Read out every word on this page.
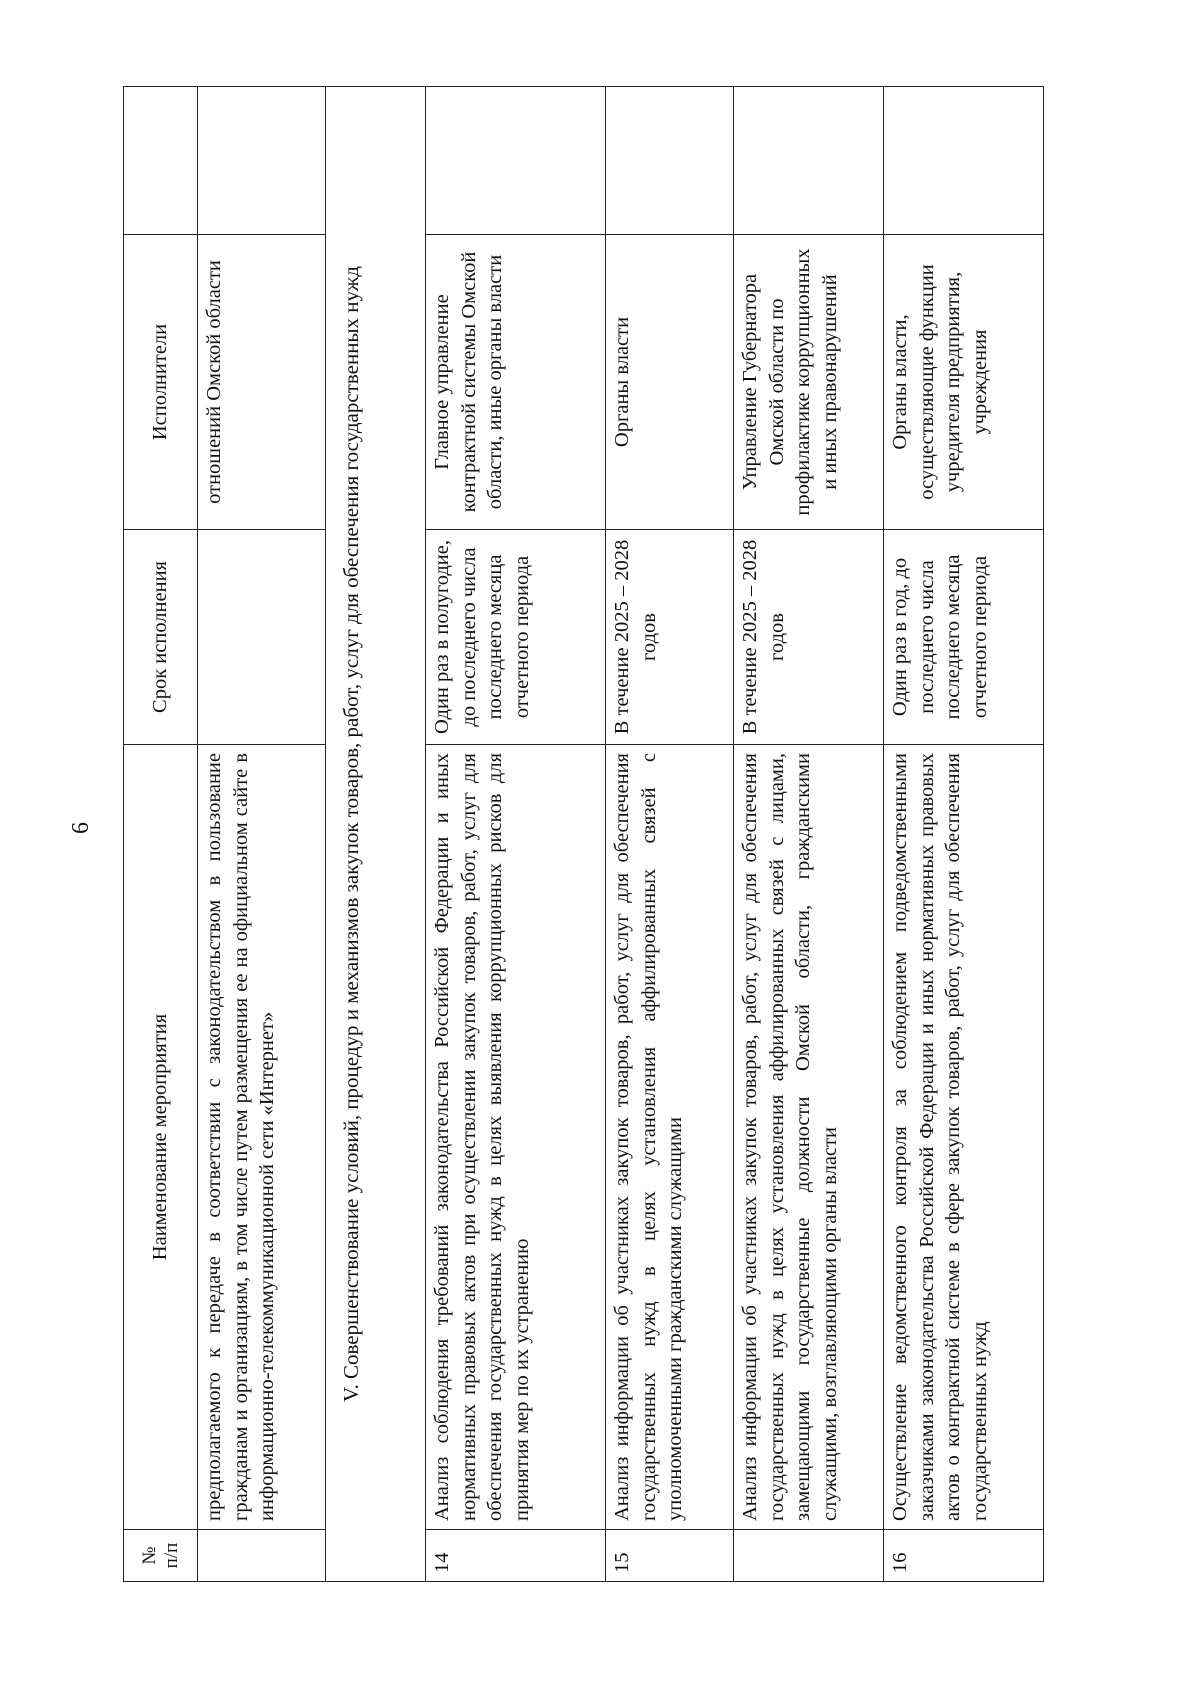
6
№ п/п	Наименование мероприятия	Срок исполнения	Исполнители	
	предполагаемого к передаче в соответствии с законодательством в пользование гражданам и организациям, в том числе путем размещения ее на официальном сайте в информационно-телекоммуникационной сети «Интернет»		отношений Омской области	
V. Совершенствование условий, процедур и механизмов закупок товаров, работ, услуг для обеспечения государственных нужд				
14	Анализ соблюдения требований законодательства Российской Федерации и иных нормативных правовых актов при осуществлении закупок товаров, работ, услуг для обеспечения государственных нужд в целях выявления коррупционных рисков для принятия мер по их устранению	Один раз в полугодие, до последнего числа последнего месяца отчетного периода	Главное управление контрактной системы Омской области, иные органы власти	
15	Анализ информации об участниках закупок товаров, работ, услуг для обеспечения государственных нужд в целях установления аффилированных связей с уполномоченными гражданскими служащими	В течение 2025 – 2028 годов	Органы власти	
	Анализ информации об участниках закупок товаров, работ, услуг для обеспечения государственных нужд в целях установления аффилированных связей с лицами, замещающими государственные должности Омской области, гражданскими служащими, возглавляющими органы власти	В течение 2025 – 2028 годов	Управление Губернатора Омской области по профилактике коррупционных и иных правонарушений	
16	Осуществление ведомственного контроля за соблюдением подведомственными заказчиками законодательства Российской Федерации и иных нормативных правовых актов о контрактной системе в сфере закупок товаров, работ, услуг для обеспечения государственных нужд	Один раз в год, до последнего числа последнего месяца отчетного периода	Органы власти, осуществляющие функции учредителя предприятия, учреждения	
